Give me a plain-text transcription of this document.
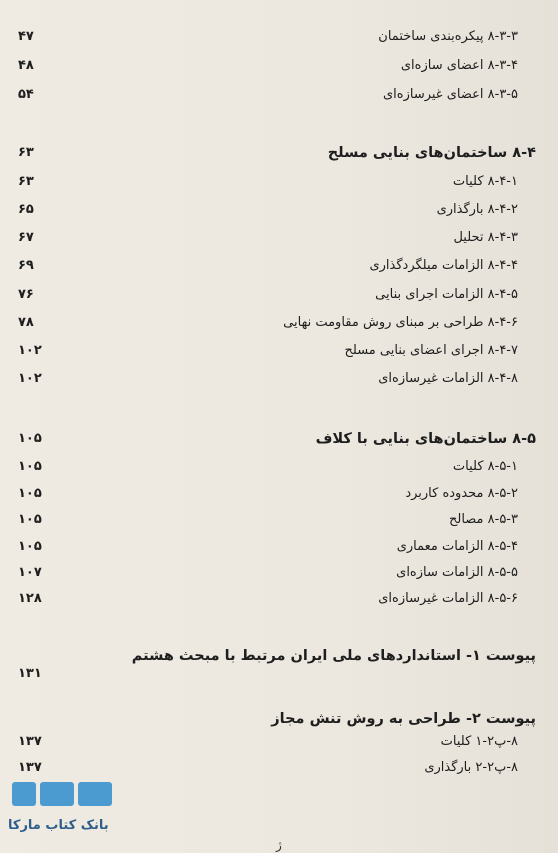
۸-۳-۳ پیکره‌بندی ساختمان
۴۷
۸-۳-۴ اعضای سازه‌ای
۴۸
۸-۳-۵ اعضای غیرسازه‌ای
۵۴
۸-۴ ساختمان‌های بنایی مسلح
۶۳
۸-۴-۱ کلیات
۶۳
۸-۴-۲ بارگذاری
۶۵
۸-۴-۳ تحلیل
۶۷
۸-۴-۴ الزامات میلگردگذاری
۶۹
۸-۴-۵ الزامات اجرای بنایی
۷۶
۸-۴-۶ طراحی بر مبنای روش مقاومت نهایی
۷۸
۸-۴-۷ اجرای اعضای بنایی مسلح
۱۰۲
۸-۴-۸ الزامات غیرسازه‌ای
۱۰۲
۸-۵ ساختمان‌های بنایی با کلاف
۱۰۵
۸-۵-۱ کلیات
۱۰۵
۸-۵-۲ محدوده کاربرد
۱۰۵
۸-۵-۳ مصالح
۱۰۵
۸-۵-۴ الزامات معماری
۱۰۵
۸-۵-۵ الزامات سازه‌ای
۱۰۷
۸-۵-۶ الزامات غیرسازه‌ای
۱۲۸
پیوست ۱- استانداردهای ملی ایران مرتبط با مبحث هشتم
۱۳۱
پیوست ۲- طراحی به روش تنش مجاز
۸-پ۲-۱ کلیات
۱۳۷
۸-پ۲-۲ بارگذاری
۱۳۷
بانک کتاب مارکا
ژ
